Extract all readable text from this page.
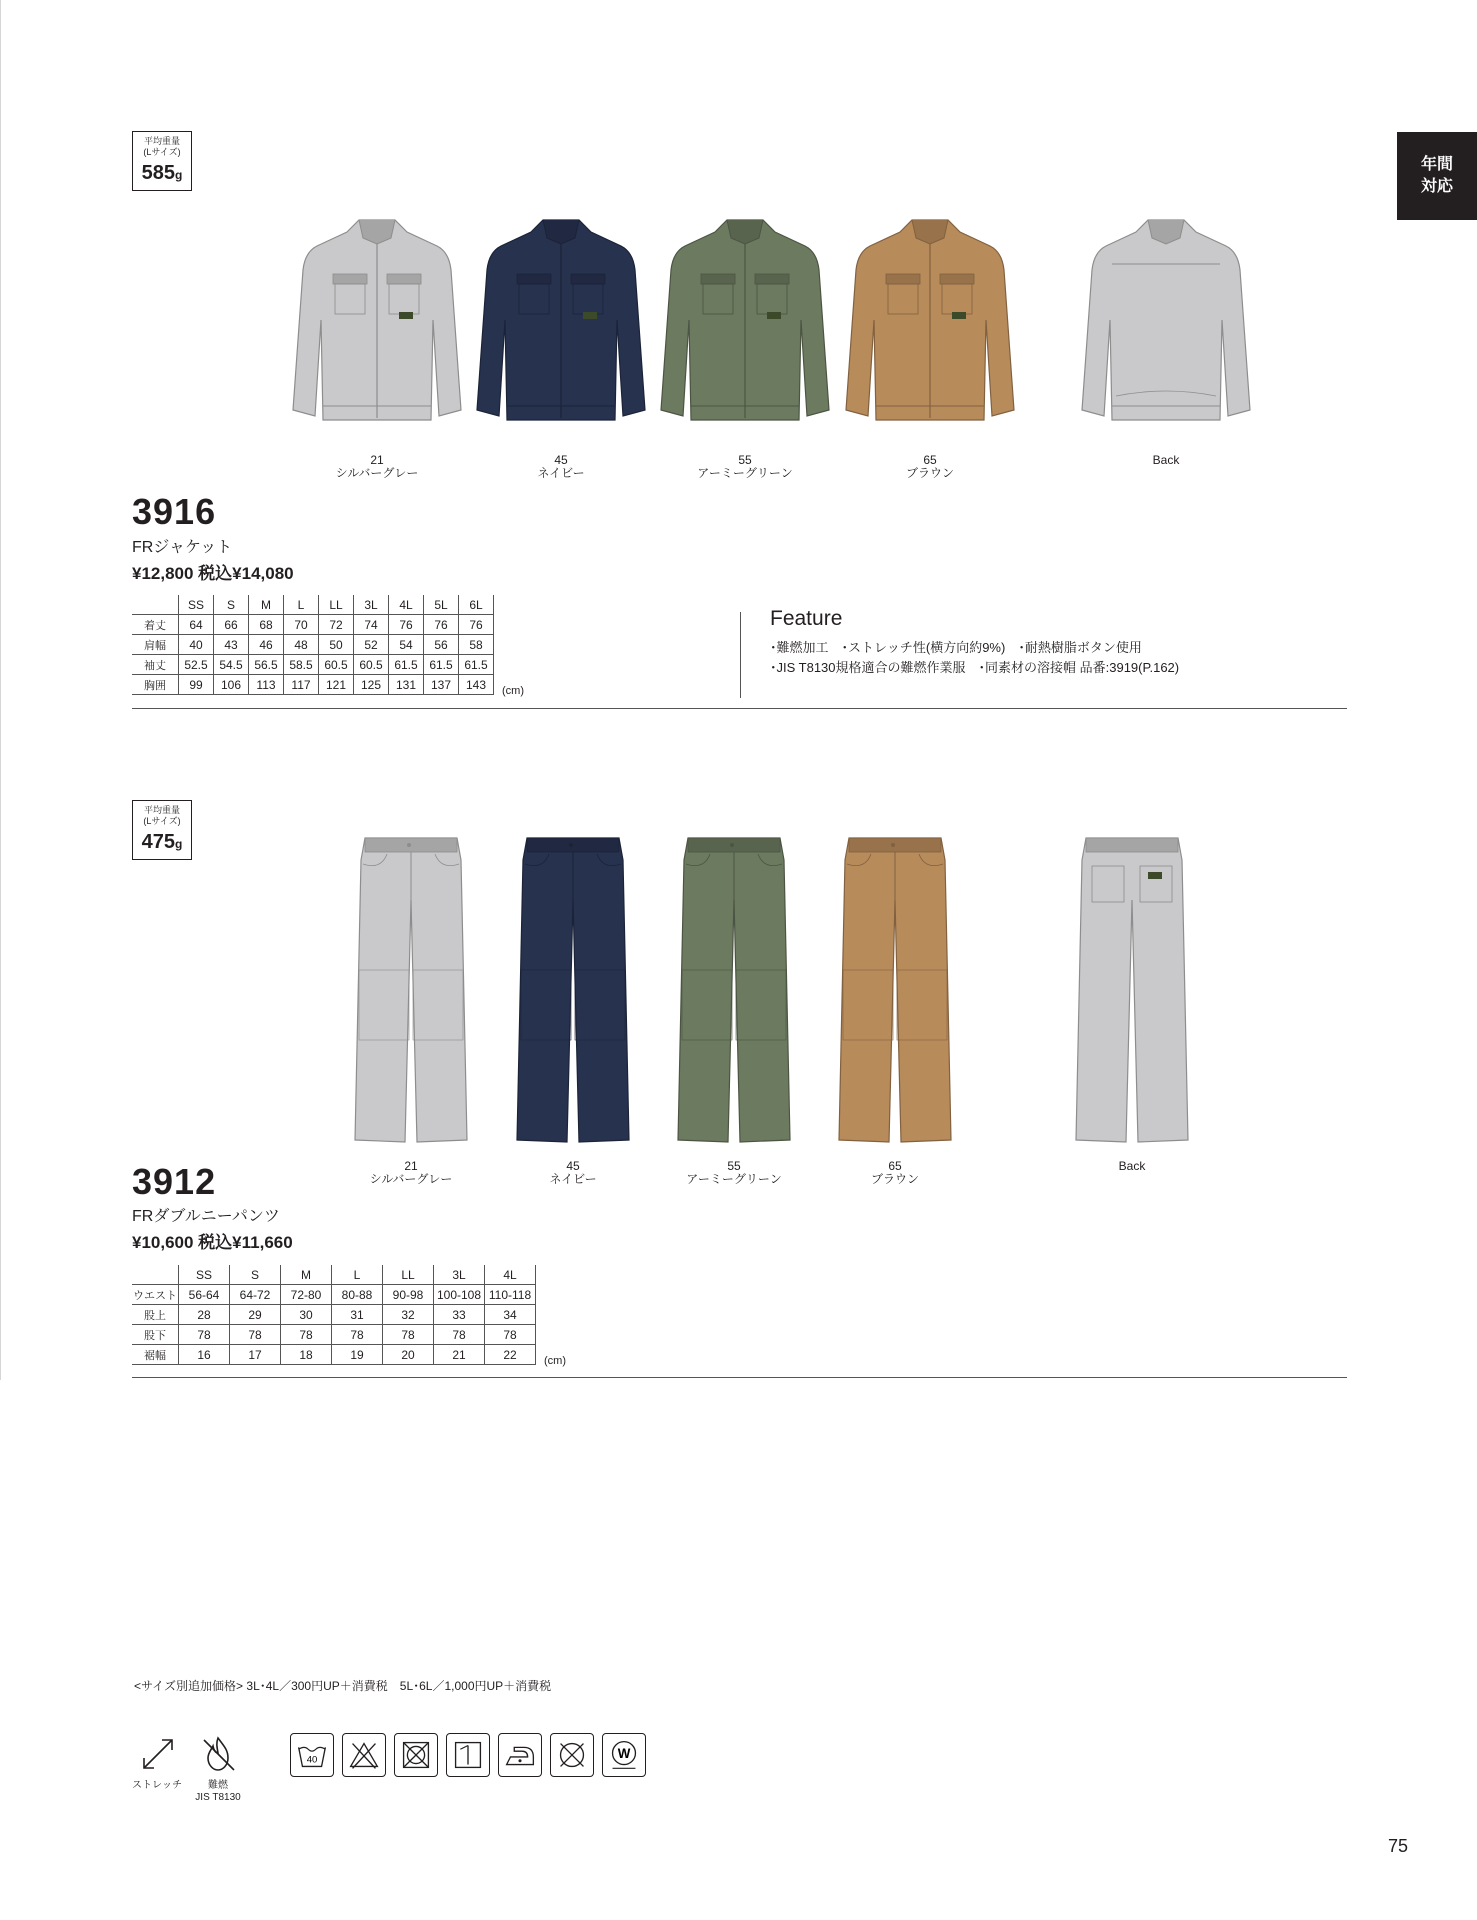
年間
対応
平均重量
(Lサイズ)
585g
21
シルバーグレー
45
ネイビー
55
アーミーグリーン
65
ブラウン
Back
3916
FRジャケット
¥12,800 税込¥14,080
	SS	S	M	L	LL	3L	4L	5L	6L
着丈	64	66	68	70	72	74	76	76	76
肩幅	40	43	46	48	50	52	54	56	58
袖丈	52.5	54.5	56.5	58.5	60.5	60.5	61.5	61.5	61.5
胸囲	99	106	113	117	121	125	131	137	143 (cm)
Feature
･難燃加工　･ストレッチ性(横方向約9%)　･耐熱樹脂ボタン使用
･JIS T8130規格適合の難燃作業服　･同素材の溶接帽 品番:3919(P.162)
平均重量
(Lサイズ)
475g
21
シルバーグレー
45
ネイビー
55
アーミーグリーン
65
ブラウン
Back
3912
FRダブルニーパンツ
¥10,600 税込¥11,660
	SS	S	M	L	LL	3L	4L
ウエスト	56-64	64-72	72-80	80-88	90-98	100-108	110-118
股上	28	29	30	31	32	33	34
股下	78	78	78	78	78	78	78
裾幅	16	17	18	19	20	21	22 (cm)
<サイズ別追加価格> 3L･4L／300円UP＋消費税　5L･6L／1,000円UP＋消費税
ストレッチ	難燃
JIS T8130
40	W
75
